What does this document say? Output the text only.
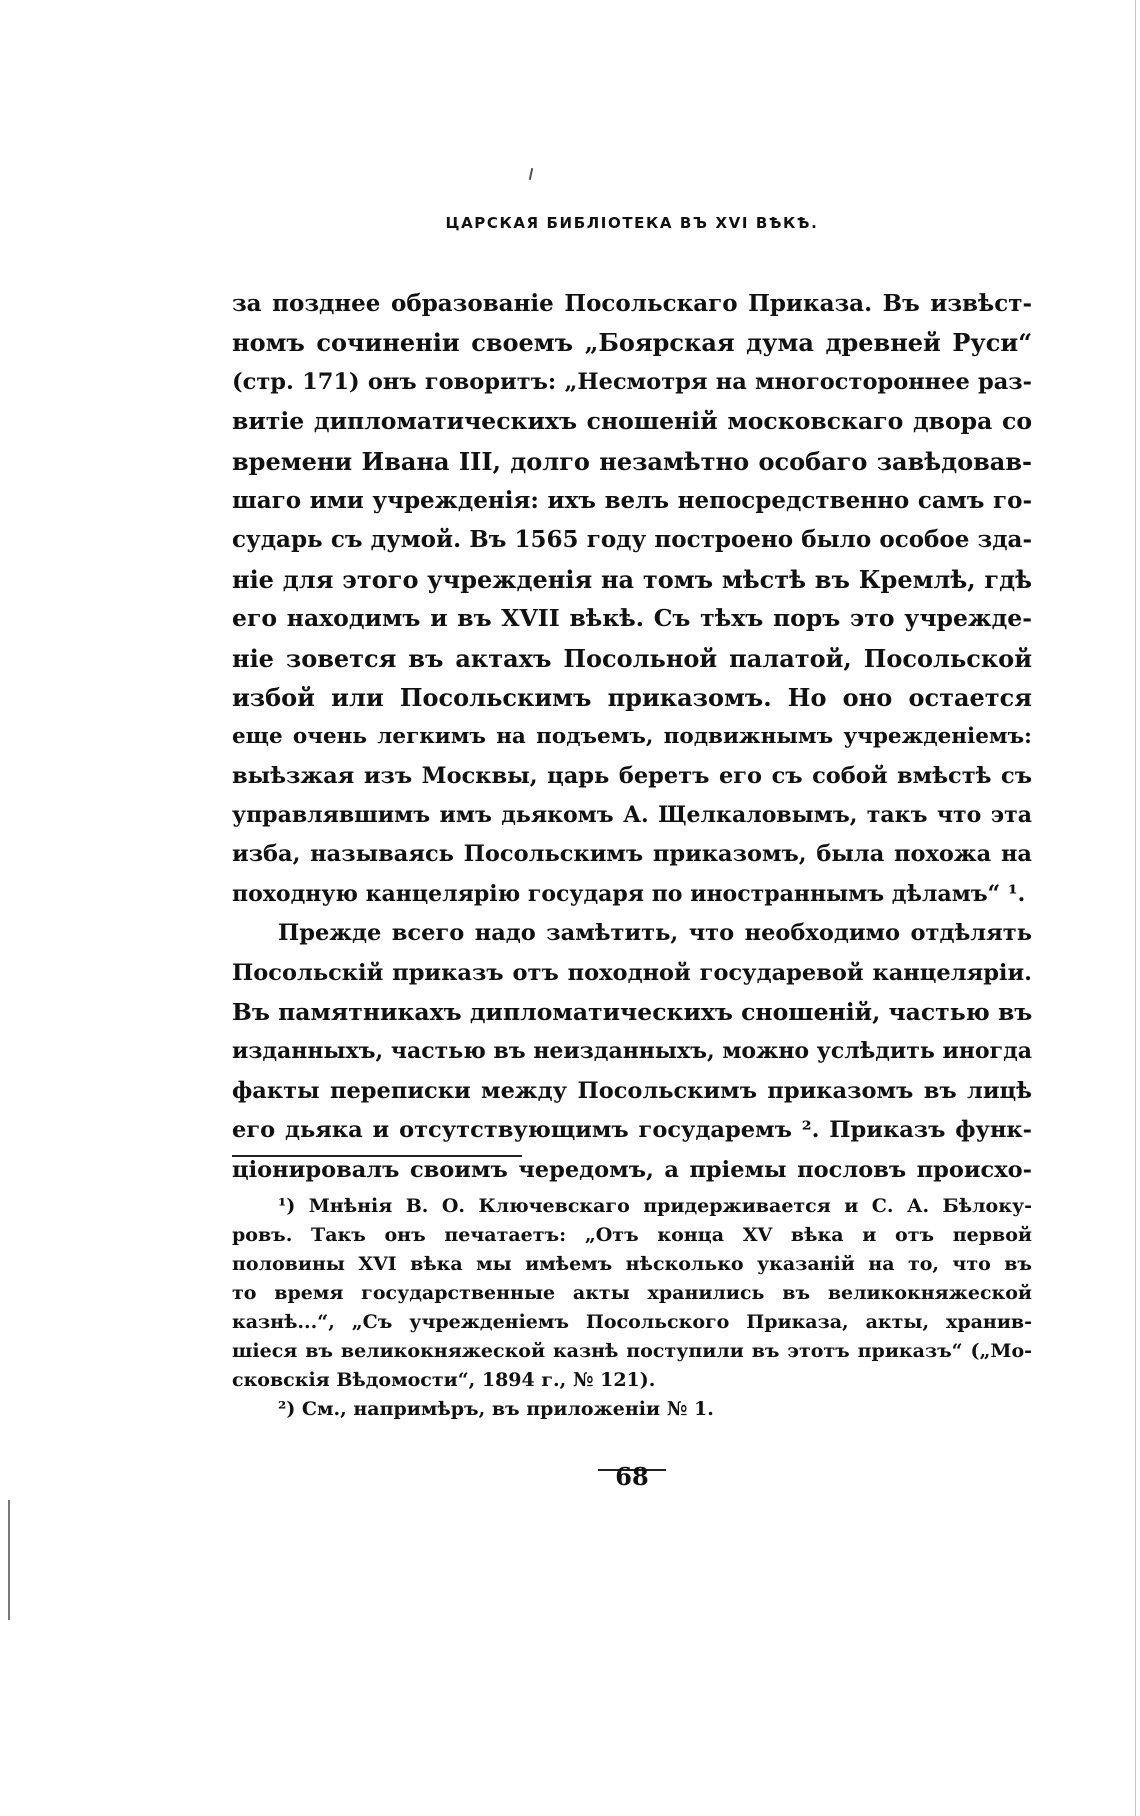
ЦАРСКАЯ БИБЛІОТЕКА ВЪ XVI ВѢКѢ.
за позднее образованіе Посольскаго Приказа. Въ извѣст-
номъ сочиненіи своемъ „Боярская дума древней Руси“
(стр. 171) онъ говоритъ: „Несмотря на многостороннее раз-
витіе дипломатическихъ сношеній московскаго двора со
времени Ивана III, долго незамѣтно особаго завѣдовав-
шаго ими учрежденія: ихъ велъ непосредственно самъ го-
сударь съ думой. Въ 1565 году построено было особое зда-
ніе для этого учрежденія на томъ мѣстѣ въ Кремлѣ, гдѣ
его находимъ и въ XVII вѣкѣ. Съ тѣхъ поръ это учрежде-
ніе зовется въ актахъ Посольной палатой, Посольской
избой или Посольскимъ приказомъ. Но оно остается
еще очень легкимъ на подъемъ, подвижнымъ учрежденіемъ:
выѣзжая изъ Москвы, царь беретъ его съ собой вмѣстѣ съ
управлявшимъ имъ дьякомъ А. Щелкаловымъ, такъ что эта
изба, называясь Посольскимъ приказомъ, была похожа на
походную канцелярію государя по иностраннымъ дѣламъ“ ¹.
Прежде всего надо замѣтить, что необходимо отдѣлять
Посольскій приказъ отъ походной государевой канцеляріи.
Въ памятникахъ дипломатическихъ сношеній, частью въ
изданныхъ, частью въ неизданныхъ, можно услѣдить иногда
факты переписки между Посольскимъ приказомъ въ лицѣ
его дьяка и отсутствующимъ государемъ ². Приказъ функ-
ціонировалъ своимъ чередомъ, а пріемы пословъ происхо-
¹) Мнѣнія В. О. Ключевскаго придерживается и С. А. Бѣлоку-
ровъ. Такъ онъ печатаетъ: „Отъ конца XV вѣка и отъ первой
половины XVI вѣка мы имѣемъ нѣсколько указаній на то, что въ
то время государственные акты хранились въ великокняжеской
казнѣ...“, „Съ учрежденіемъ Посольского Приказа, акты, хранив-
шіеся въ великокняжеской казнѣ поступили въ этотъ приказъ“ („Мо-
сковскія Вѣдомости“, 1894 г., № 121).
²) См., напримѣръ, въ приложеніи № 1.
68
